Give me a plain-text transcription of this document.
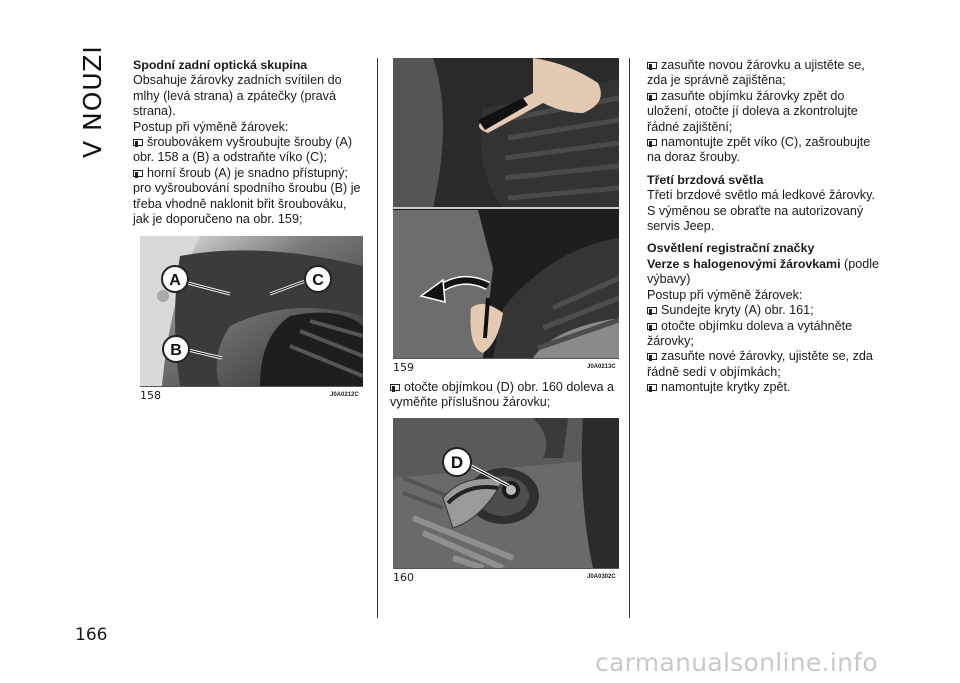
V NOUZI
166

Spodní zadní optická skupina

Obsahuje žárovky zadních svítilen do

mlhy (levá strana) a zpátečky (pravá

strana).

Postup při výměně žárovek:

šroubovákem vyšroubujte šrouby (A)

obr. 158 a (B) a odstraňte víko (C);

horní šroub (A) je snadno přístupný;

pro vyšroubování spodního šroubu (B) je

třeba vhodně naklonit břit šroubováku,

jak je doporučeno na obr. 159;

A	C
B
158	J0A0212C
159	J0A0213C

otočte objímkou (D) obr. 160 doleva a

vyměňte příslušnou žárovku;

D
160	J0A0302C

zasuňte novou žárovku a ujistěte se,

zda je správně zajištěna;

zasuňte objímku žárovky zpět do

uložení, otočte jí doleva a zkontrolujte

řádné zajištění;

namontujte zpět víko (C), zašroubujte

na doraz šrouby.

Třetí brzdová světla

Třetí brzdové světlo má ledkové žárovky.

S výměnou se obraťte na autorizovaný

servis Jeep.

Osvětlení registrační značky

Verze s halogenovými žárovkami (podle

výbavy)

Postup při výměně žárovek:

Sundejte kryty (A) obr. 161;

otočte objímku doleva a vytáhněte

žárovky;

zasuňte nové žárovky, ujistěte se, zda

řádně sedí v objímkách;

namontujte krytky zpět.

carmanualsonline.info
